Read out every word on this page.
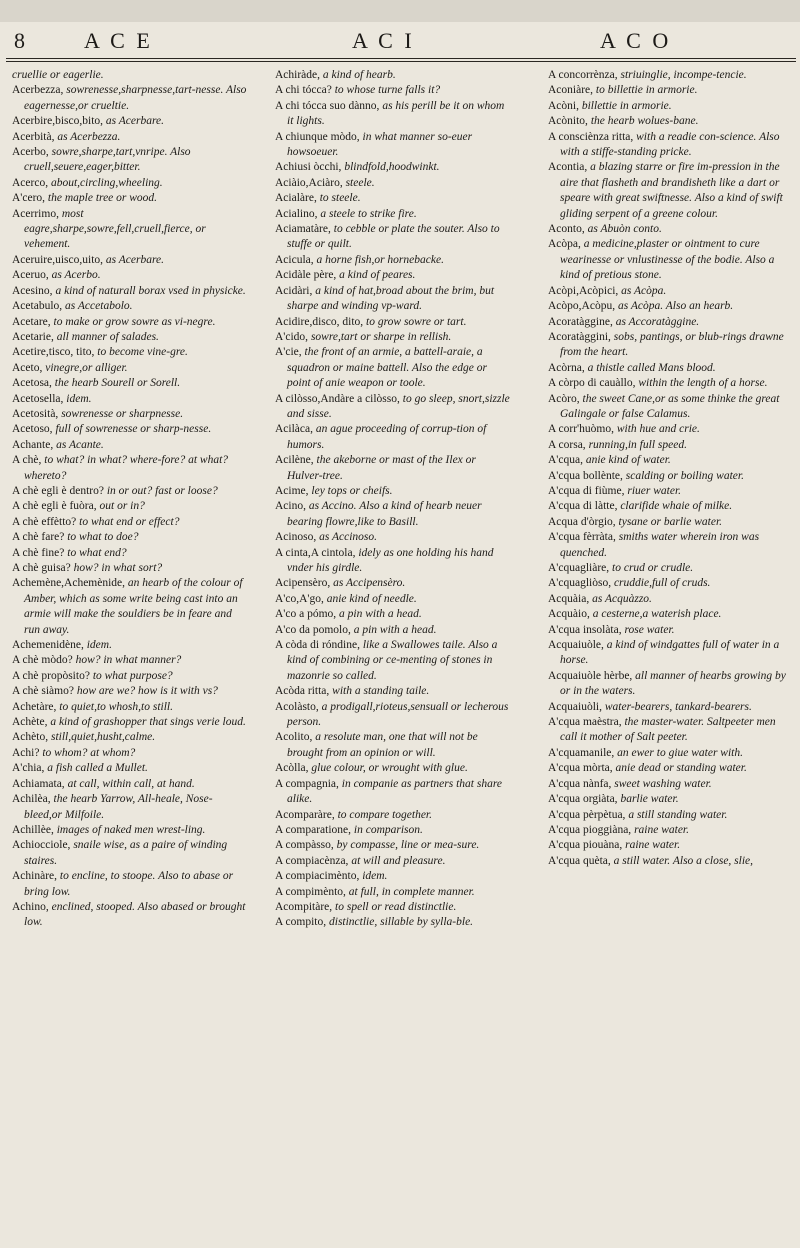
8	A C E	A C I	A C O

cruellie or eagerlie.

Acerbezza, sowrenesse,sharpnesse,tart-nesse. Also eagernesse,or crueltie.

Acerbire,bisco,bito, as Acerbare.

Acerbità, as Acerbezza.

Acerbo, sowre,sharpe,tart,vnripe. Also cruell,seuere,eager,bitter.

Acerco, about,circling,wheeling.

A'cero, the maple tree or wood.

Acerrimo, most eagre,sharpe,sowre,fell,cruell,fierce, or vehement.

Aceruire,uisco,uito, as Acerbare.

Aceruo, as Acerbo.

Acesino, a kind of naturall borax vsed in physicke.

Acetabulo, as Accetabolo.

Acetare, to make or grow sowre as vi-negre.

Acetarie, all manner of salades.

Acetire,tisco, tito, to become vine-gre.

Aceto, vinegre,or alliger.

Acetosa, the hearb Sourell or Sorell.

Acetosella, idem.

Acetosità, sowrenesse or sharpnesse.

Acetoso, full of sowrenesse or sharp-nesse.

Achante, as Acante.

A chè, to what? in what? where-fore? at what? whereto?

A chè egli è dentro? in or out? fast or loose?

A chè egli è fuòra, out or in?

A chè effètto? to what end or effect?

A chè fare? to what to doe?

A chè fine? to what end?

A chè guisa? how? in what sort?

Achemène,Achemènide, an hearb of the colour of Amber, which as some write being cast into an armie will make the souldiers be in feare and run away.

Achemenidène, idem.

A chè mòdo? how? in what manner?

A chè propòsito? to what purpose?

A chè siàmo? how are we? how is it with vs?

Achetàre, to quiet,to whosh,to still.

Achète, a kind of grashopper that sings verie loud.

Achèto, still,quiet,husht,calme.

Achi? to whom? at whom?

A'chia, a fish called a Mullet.

Achiamata, at call, within call, at hand.

Achilèa, the hearb Yarrow, All-heale, Nose-bleed,or Milfoile.

Achillèe, images of naked men wrest-ling.

Achiocciole, snaile wise, as a paire of winding staires.

Achinàre, to encline, to stoope. Also to abase or bring low.

Achino, enclined, stooped. Also abased or brought low.

Achiràde, a kind of hearb.

A chi tócca? to whose turne falls it?

A chi tócca suo dànno, as his perill be it on whom it lights.

A chiunque mòdo, in what manner so-euer howsoeuer.

Achiusi òcchi, blindfold,hoodwinkt.

Aciàio,Aciàro, steele.

Acialàre, to steele.

Acialino, a steele to strike fire.

Aciamatàre, to cebble or plate the souter. Also to stuffe or quilt.

Acicula, a horne fish,or hornebacke.

Acidàle père, a kind of peares.

Acidàri, a kind of hat,broad about the brim, but sharpe and winding vp-ward.

Acidire,disco, dito, to grow sowre or tart.

A'cido, sowre,tart or sharpe in rellish.

A'cie, the front of an armie, a battell-araie, a squadron or maine battell. Also the edge or point of anie weapon or toole.

A cilòsso,Andàre a cilòsso, to go sleep, snort,sizzle and sisse.

Acilàca, an ague proceeding of corrup-tion of humors.

Acilène, the akeborne or mast of the Ilex or Hulver-tree.

Acime, ley tops or cheifs.

Acino, as Accino. Also a kind of hearb neuer bearing flowre,like to Basill.

Acinoso, as Accinoso.

A cinta,A cintola, idely as one holding his hand vnder his girdle.

Acipensèro, as Accipensèro.

A'co,A'go, anie kind of needle.

A'co a pómo, a pin with a head.

A'co da pomolo, a pin with a head.

A còda di róndine, like a Swallowes taile. Also a kind of combining or ce-menting of stones in mazonrie so called.

Acòda ritta, with a standing taile.

Acolàsto, a prodigall,rioteus,sensuall or lecherous person.

Acolito, a resolute man, one that will not be brought from an opinion or will.

Acòlla, glue colour, or wrought with glue.

A compagnia, in companie as partners that share alike.

Acomparàre, to compare together.

A comparatione, in comparison.

A compàsso, by compasse, line or mea-sure.

A compiacènza, at will and pleasure.

A compiacimènto, idem.

A compimènto, at full, in complete manner.

Acompitàre, to spell or read distinctlie.

A compito, distinctlie, sillable by sylla-ble.

A concorrènza, striuinglie, incompe-tencie.

Aconiàre, to billettie in armorie.

Acòni, billettie in armorie.

Acònito, the hearb wolues-bane.

A consciènza ritta, with a readie con-science. Also with a stiffe-standing pricke.

Acontia, a blazing starre or fire im-pression in the aire that flasheth and brandisheth like a dart or speare with great swiftnesse. Also a kind of swift gliding serpent of a greene colour.

Aconto, as Abuòn conto.

Acòpa, a medicine,plaster or ointment to cure wearinesse or vnlustinesse of the bodie. Also a kind of pretious stone.

Acòpi,Acòpici, as Acòpa.

Acòpo,Acòpu, as Acòpa. Also an hearb.

Acoratàggine, as Accoratàggine.

Acoratàggini, sobs, pantings, or blub-rings drawne from the heart.

Acòrna, a thistle called Mans blood.

A còrpo di cauàllo, within the length of a horse.

Acòro, the sweet Cane,or as some thinke the great Galingale or false Calamus.

A corr'huòmo, with hue and crie.

A corsa, running,in full speed.

A'cqua, anie kind of water.

A'cqua bollènte, scalding or boiling water.

A'cqua di fiùme, riuer water.

A'cqua di làtte, clarifide whaie of milke.

Acqua d'òrgio, tysane or barlie water.

A'cqua fèrràta, smiths water wherein iron was quenched.

A'cquagliàre, to crud or crudle.

A'cquagliòso, cruddie,full of cruds.

Acquàia, as Acquàzzo.

Acquàio, a cesterne,a waterish place.

A'cqua insolàta, rose water.

Acquaiuòle, a kind of windgattes full of water in a horse.

Acquaiuòle hèrbe, all manner of hearbs growing by or in the waters.

Acquaiuòli, water-bearers, tankard-bearers.

A'cqua maèstra, the master-water. Saltpeeter men call it mother of Salt peeter.

A'cquamanile, an ewer to giue water with.

A'cqua mòrta, anie dead or standing water.

A'cqua nànfa, sweet washing water.

A'cqua orgiàta, barlie water.

A'cqua pèrpètua, a still standing water.

A'cqua pioggiàna, raine water.

A'cqua piouàna, raine water.

A'cqua quèta, a still water. Also a close, slie,
